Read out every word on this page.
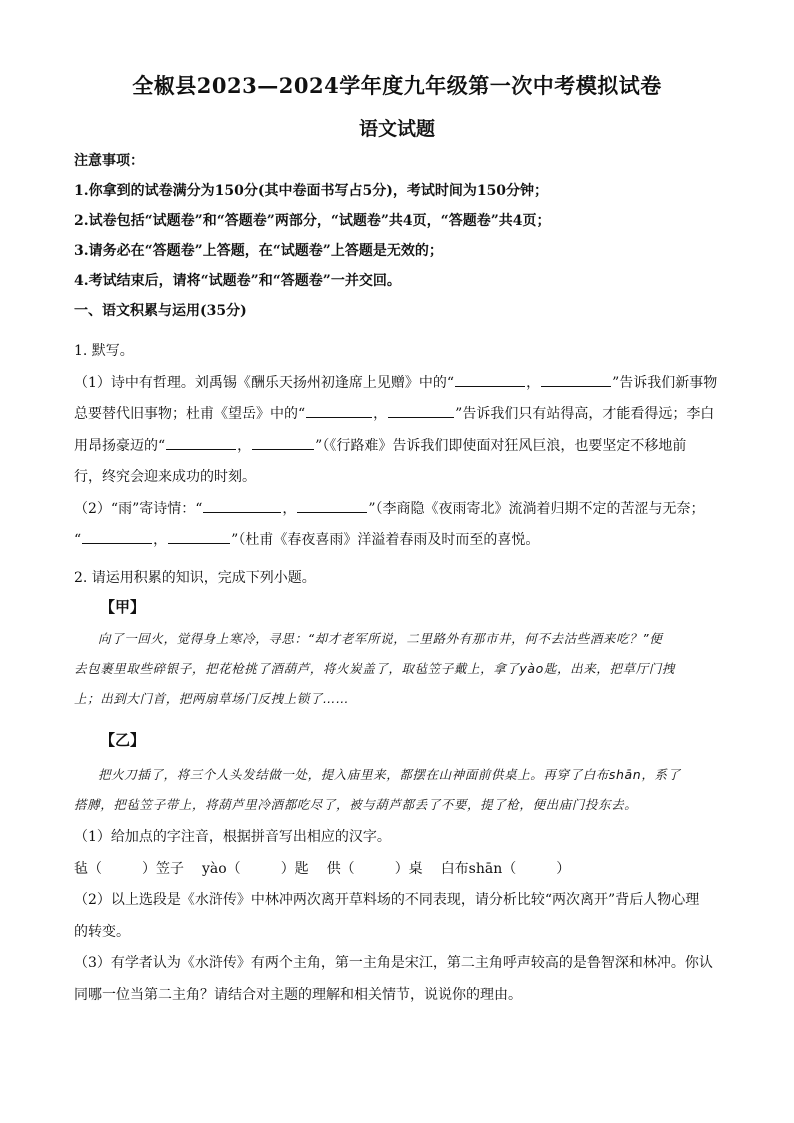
全椒县2023—2024学年度九年级第一次中考模拟试卷
语文试题
注意事项：
1.你拿到的试卷满分为150分(其中卷面书写占5分)，考试时间为150分钟；
2.试卷包括“试题卷”和“答题卷”两部分，“试题卷”共4页，“答题卷”共4页；
3.请务必在“答题卷”上答题，在“试题卷”上答题是无效的；
4.考试结束后，请将“试题卷”和“答题卷”一并交回。
一、语文积累与运用(35分)
1. 默写。
（1）诗中有哲理。刘禹锡《酬乐天扬州初逢席上见赠》中的“	，	”告诉我们新事物
总要替代旧事物；杜甫《望岳》中的“	，	”告诉我们只有站得高，才能看得远；李白
用昂扬豪迈的“	，	”（《行路难》告诉我们即使面对狂风巨浪，也要坚定不移地前
行，终究会迎来成功的时刻。
（2）“雨”寄诗情：“	，	”（李商隐《夜雨寄北》流淌着归期不定的苦涩与无奈；
“	，	”（杜甫《春夜喜雨》洋溢着春雨及时而至的喜悦。
2. 请运用积累的知识，完成下列小题。
【甲】
向了一回火，觉得身上寒冷，寻思：“却才老军所说，二里路外有那市井，何不去沽些酒来吃？”便
去包裹里取些碎银子，把花枪挑了酒葫芦，将火炭盖了，取毡笠子戴上，拿了yào匙，出来，把草厅门拽
上；出到大门首，把两扇草场门反拽上锁了……
【乙】
把火刀插了，将三个人头发结做一处，提入庙里来，都摆在山神面前供桌上。再穿了白布shān，系了
搭膊，把毡笠子带上，将葫芦里冷酒都吃尽了，被与葫芦都丢了不要，提了枪，便出庙门投东去。
（1）给加点的字注音，根据拼音写出相应的汉字。
毡（	）笠子 yào（	）匙 供（	）桌 白布shān（	）
（2）以上选段是《水浒传》中林冲两次离开草料场的不同表现，请分析比较“两次离开”背后人物心理
的转变。
（3）有学者认为《水浒传》有两个主角，第一主角是宋江，第二主角呼声较高的是鲁智深和林冲。你认
同哪一位当第二主角？请结合对主题的理解和相关情节，说说你的理由。
